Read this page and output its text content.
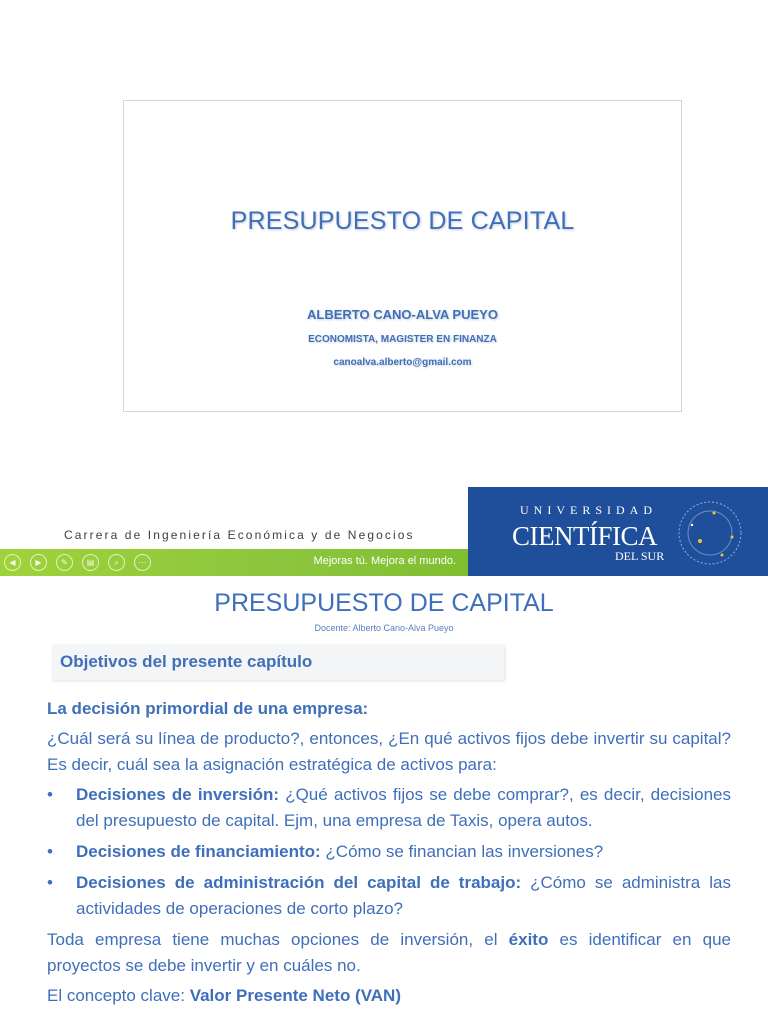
PRESUPUESTO DE CAPITAL
ALBERTO CANO-ALVA PUEYO
ECONOMISTA, MAGISTER EN FINANZA
canoalva.alberto@gmail.com
Carrera de Ingeniería Económica y de Negocios
◀	▶	✎	▤	⌕	⋯	Mejoras tú. Mejora el mundo.
UNIVERSIDAD
CIENTÍFICA
DEL SUR
PRESUPUESTO DE CAPITAL
Docente: Alberto Cano-Alva Pueyo
Objetivos del presente capítulo

La decisión primordial de una empresa:

¿Cuál será su línea de producto?, entonces, ¿En qué activos fijos debe invertir su capital? Es decir, cuál sea la asignación estratégica de activos para:

• Decisiones de inversión: ¿Qué activos fijos se debe comprar?, es decir, decisiones del presupuesto de capital. Ejm, una empresa de Taxis, opera autos.
• Decisiones de financiamiento: ¿Cómo se financian las inversiones?
• Decisiones de administración del capital de trabajo: ¿Cómo se administra las actividades de operaciones de corto plazo?

Toda empresa tiene muchas opciones de inversión, el éxito es identificar en que proyectos se debe invertir y en cuáles no.

El concepto clave: Valor Presente Neto (VAN)
